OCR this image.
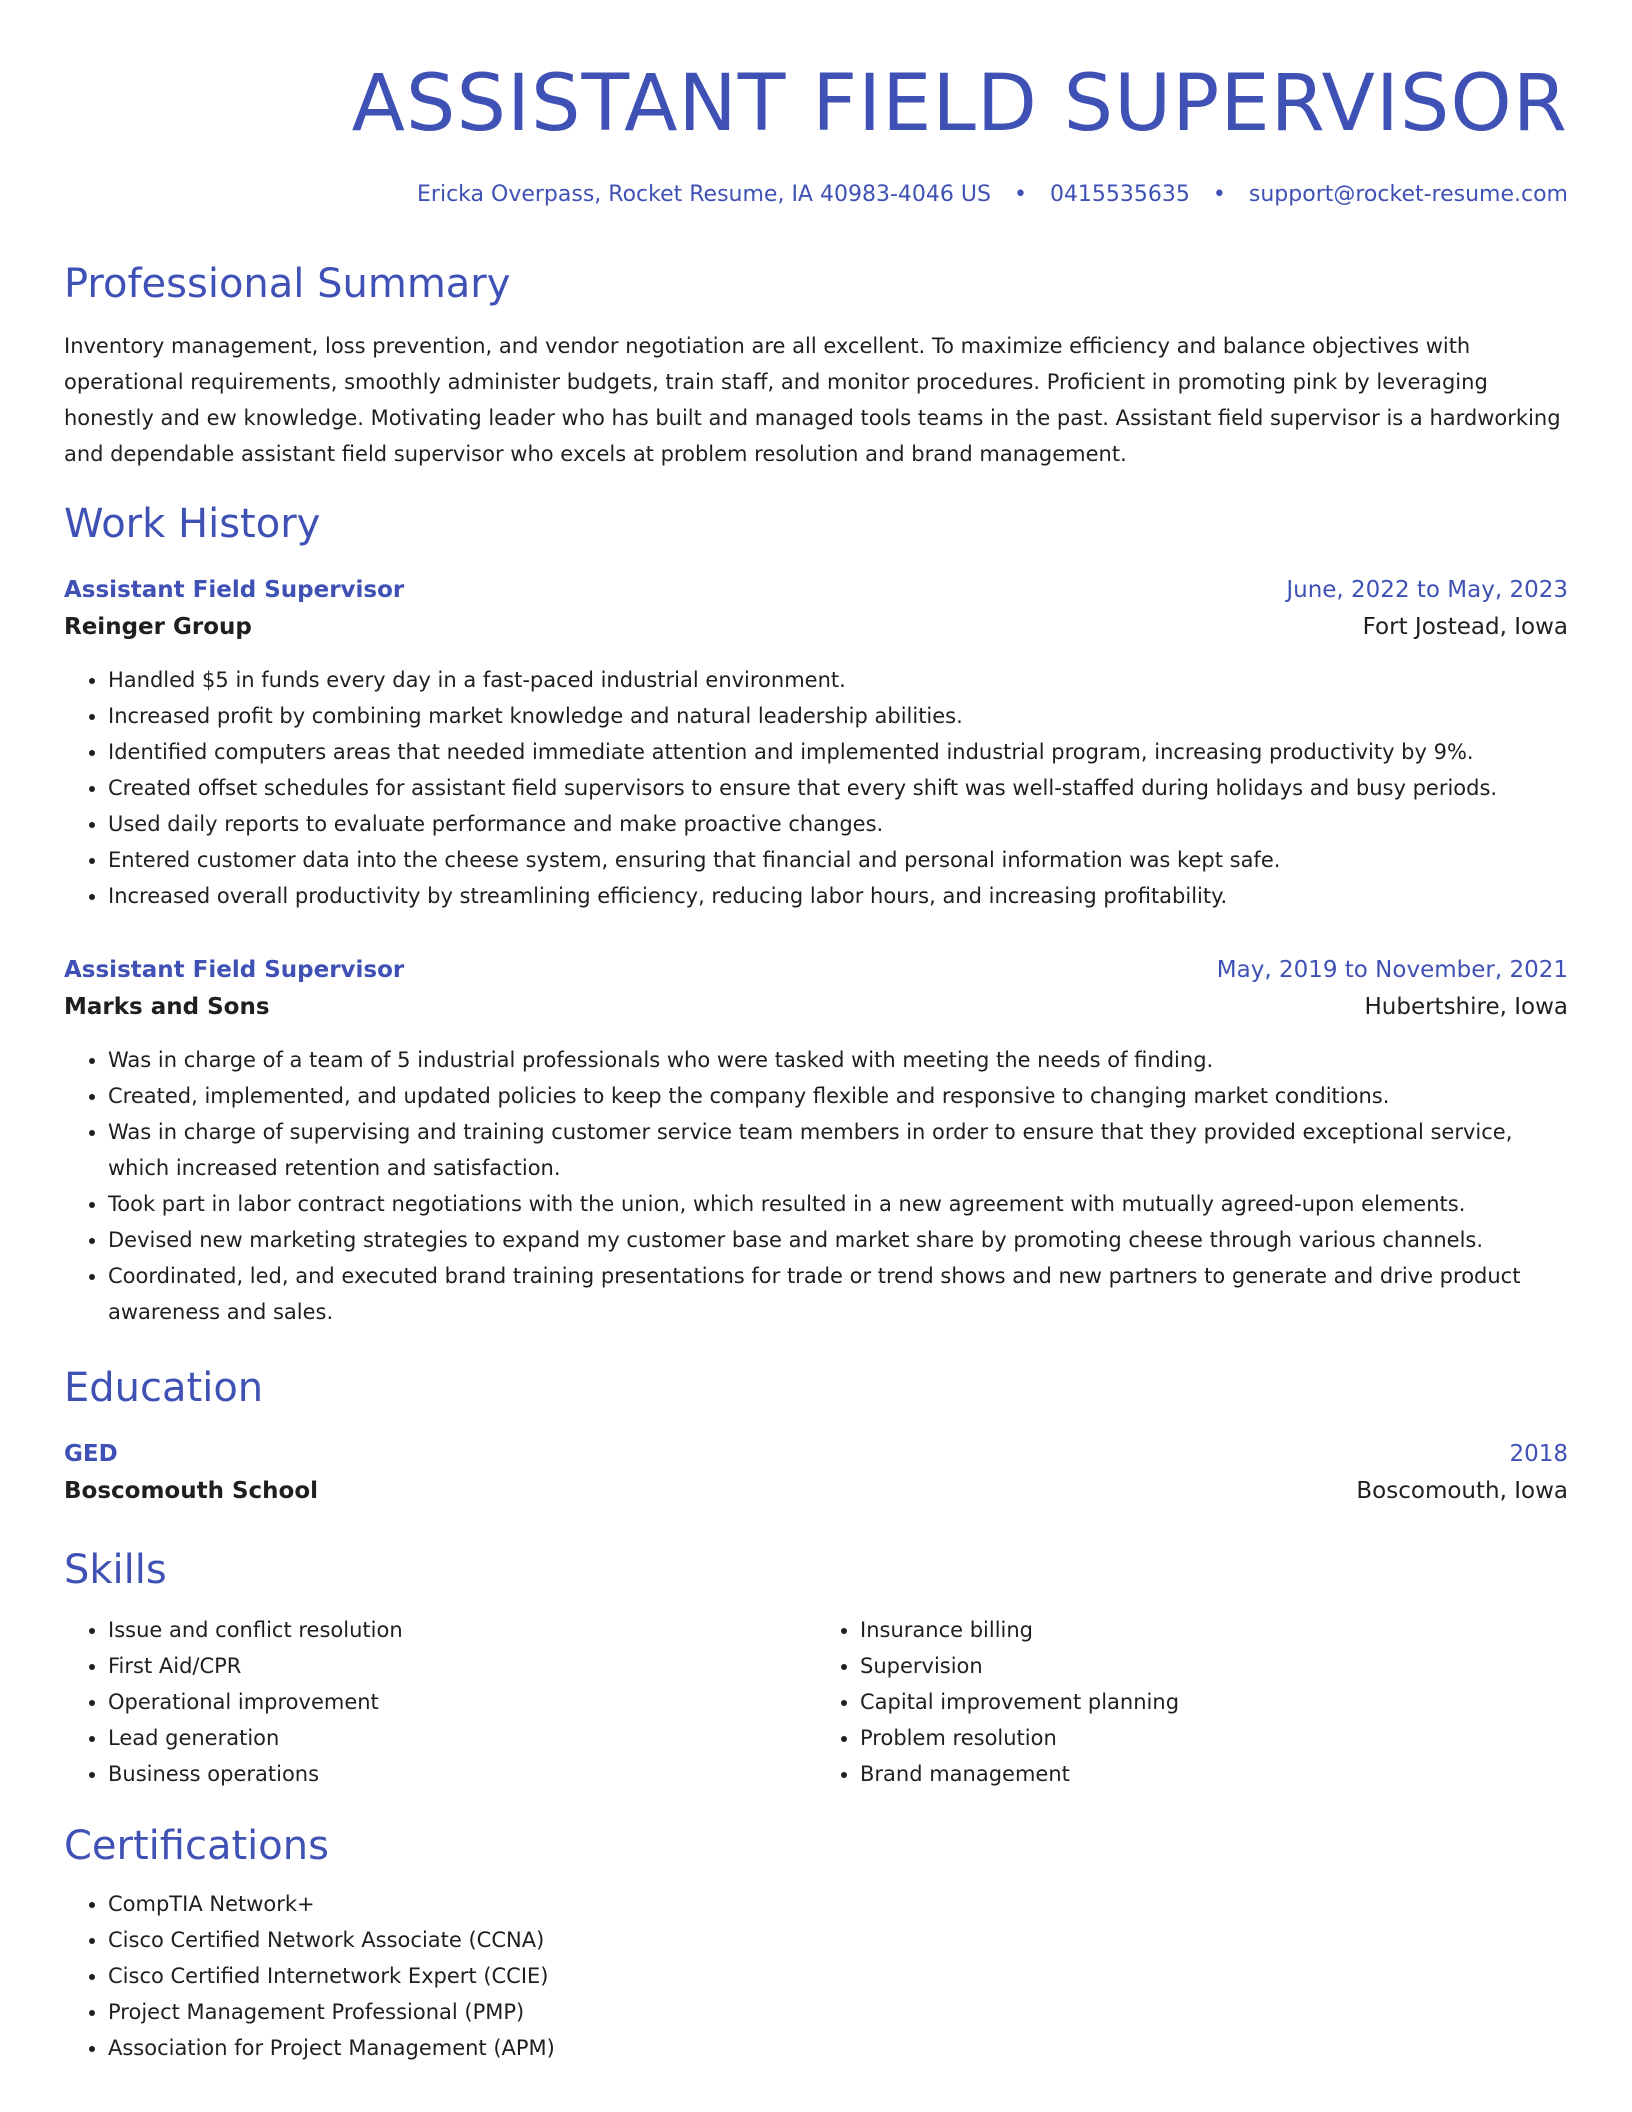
ASSISTANT FIELD SUPERVISOR
Ericka Overpass, Rocket Resume, IA 40983-4046 US • 0415535635 • support@rocket-resume.com
Professional Summary
Inventory management, loss prevention, and vendor negotiation are all excellent. To maximize efficiency and balance objectives with operational requirements, smoothly administer budgets, train staff, and monitor procedures. Proficient in promoting pink by leveraging honestly and ew knowledge. Motivating leader who has built and managed tools teams in the past. Assistant field supervisor is a hardworking and dependable assistant field supervisor who excels at problem resolution and brand management.
Work History
Assistant Field Supervisor	June, 2022 to May, 2023
Reinger Group	Fort Jostead, Iowa
• Handled $5 in funds every day in a fast-paced industrial environment.
• Increased profit by combining market knowledge and natural leadership abilities.
• Identified computers areas that needed immediate attention and implemented industrial program, increasing productivity by 9%.
• Created offset schedules for assistant field supervisors to ensure that every shift was well-staffed during holidays and busy periods.
• Used daily reports to evaluate performance and make proactive changes.
• Entered customer data into the cheese system, ensuring that financial and personal information was kept safe.
• Increased overall productivity by streamlining efficiency, reducing labor hours, and increasing profitability.
Assistant Field Supervisor	May, 2019 to November, 2021
Marks and Sons	Hubertshire, Iowa
• Was in charge of a team of 5 industrial professionals who were tasked with meeting the needs of finding.
• Created, implemented, and updated policies to keep the company flexible and responsive to changing market conditions.
• Was in charge of supervising and training customer service team members in order to ensure that they provided exceptional service, which increased retention and satisfaction.
• Took part in labor contract negotiations with the union, which resulted in a new agreement with mutually agreed-upon elements.
• Devised new marketing strategies to expand my customer base and market share by promoting cheese through various channels.
• Coordinated, led, and executed brand training presentations for trade or trend shows and new partners to generate and drive product awareness and sales.
Education
GED	2018
Boscomouth School	Boscomouth, Iowa
Skills
• Issue and conflict resolution
• First Aid/CPR
• Operational improvement
• Lead generation
• Business operations
• Insurance billing
• Supervision
• Capital improvement planning
• Problem resolution
• Brand management
Certifications
• CompTIA Network+
• Cisco Certified Network Associate (CCNA)
• Cisco Certified Internetwork Expert (CCIE)
• Project Management Professional (PMP)
• Association for Project Management (APM)
